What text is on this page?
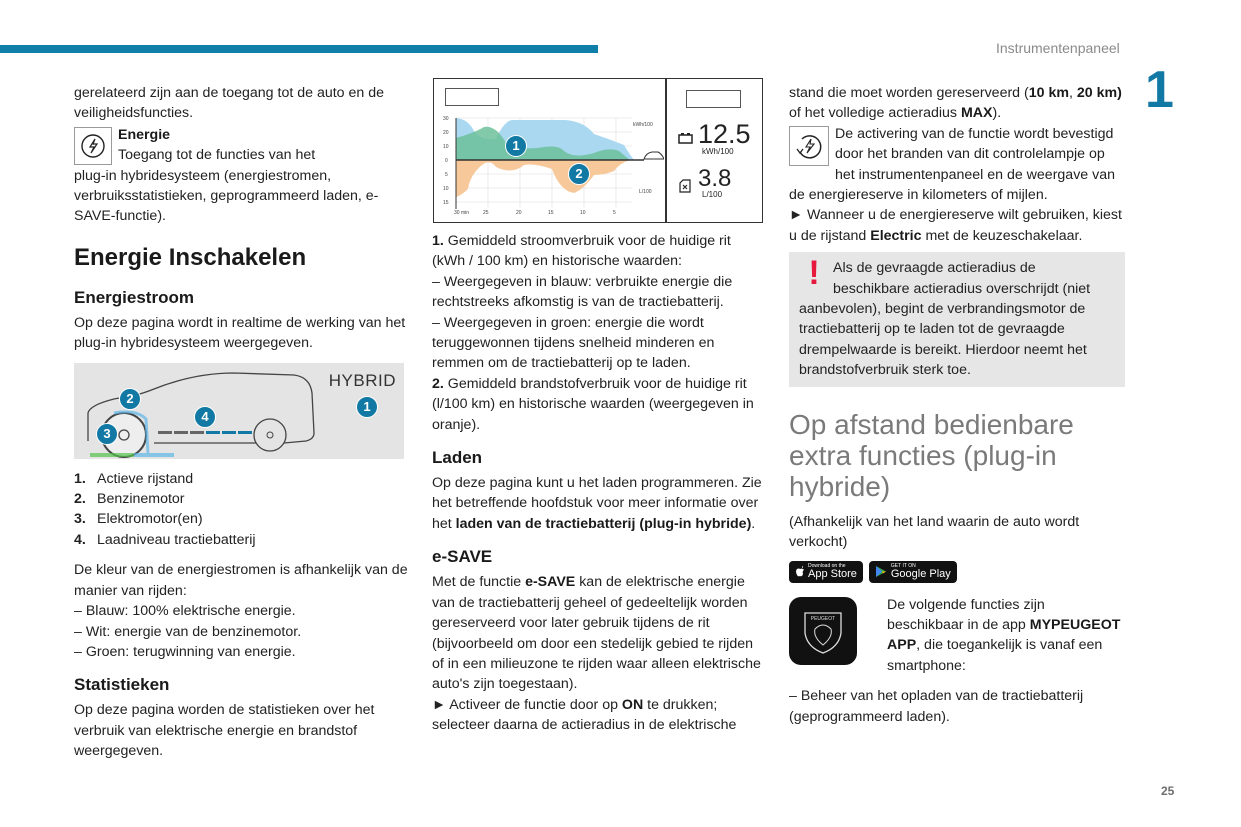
Instrumentenpaneel
1
25

gerelateerd zijn aan de toegang tot de auto en de veiligheidsfuncties.

Energie

Toegang tot de functies van het

plug-in hybridesysteem (energiestromen, verbruiksstatistieken, geprogrammeerd laden, e-SAVE-functie).

Energie Inschakelen
Energiestroom

Op deze pagina wordt in realtime de werking van het plug-in hybridesysteem weergegeven.

HYBRID
2
3
4
1
1. Actieve rijstand
2. Benzinemotor
3. Elektromotor(en)
4. Laadniveau tractiebatterij

De kleur van de energiestromen is afhankelijk van de manier van rijden:

– Blauw: 100% elektrische energie.

– Wit: energie van de benzinemotor.

– Groen: terugwinning van energie.

Statistieken

Op deze pagina worden de statistieken over het verbruik van elektrische energie en brandstof weergegeven.

30
20
10
0
5
10
15
30 min	25	20	15	10	5
kWh/100
L/100
1
2
12.5
kWh/100
3.8
L/100

1. Gemiddeld stroomverbruik voor de huidige rit (kWh / 100 km) en historische waarden:

– Weergegeven in blauw: verbruikte energie die rechtstreeks afkomstig is van de tractiebatterij.

– Weergegeven in groen: energie die wordt teruggewonnen tijdens snelheid minderen en remmen om de tractiebatterij op te laden.

2. Gemiddeld brandstofverbruik voor de huidige rit (l/100 km) en historische waarden (weergegeven in oranje).

Laden

Op deze pagina kunt u het laden programmeren. Zie het betreffende hoofdstuk voor meer informatie over het laden van de tractiebatterij (plug-in hybride).

e-SAVE

Met de functie e-SAVE kan de elektrische energie van de tractiebatterij geheel of gedeeltelijk worden gereserveerd voor later gebruik tijdens de rit (bijvoorbeeld om door een stedelijk gebied te rijden of in een milieuzone te rijden waar alleen elektrische auto's zijn toegestaan).

► Activeer de functie door op ON te drukken; selecteer daarna de actieradius in de elektrische

stand die moet worden gereserveerd (10 km, 20 km) of het volledige actieradius MAX).

De activering van de functie wordt bevestigd door het branden van dit controlelampje op het instrumentenpaneel en de weergave van de energiereserve in kilometers of mijlen.

► Wanneer u de energiereserve wilt gebruiken, kiest u de rijstand Electric met de keuzeschakelaar.

! Als de gevraagde actieradius de beschikbare actieradius overschrijdt (niet aanbevolen), begint de verbrandingsmotor de tractiebatterij op te laden tot de gevraagde drempelwaarde is bereikt. Hierdoor neemt het brandstofverbruik sterk toe.
Op afstand bedienbare extra functies (plug-in hybride)

(Afhankelijk van het land waarin de auto wordt verkocht)

Download on the
App Store

GET IT ON
Google Play
PEUGEOT

De volgende functies zijn beschikbaar in de app MYPEUGEOT APP, die toegankelijk is vanaf een smartphone:

– Beheer van het opladen van de tractiebatterij (geprogrammeerd laden).
